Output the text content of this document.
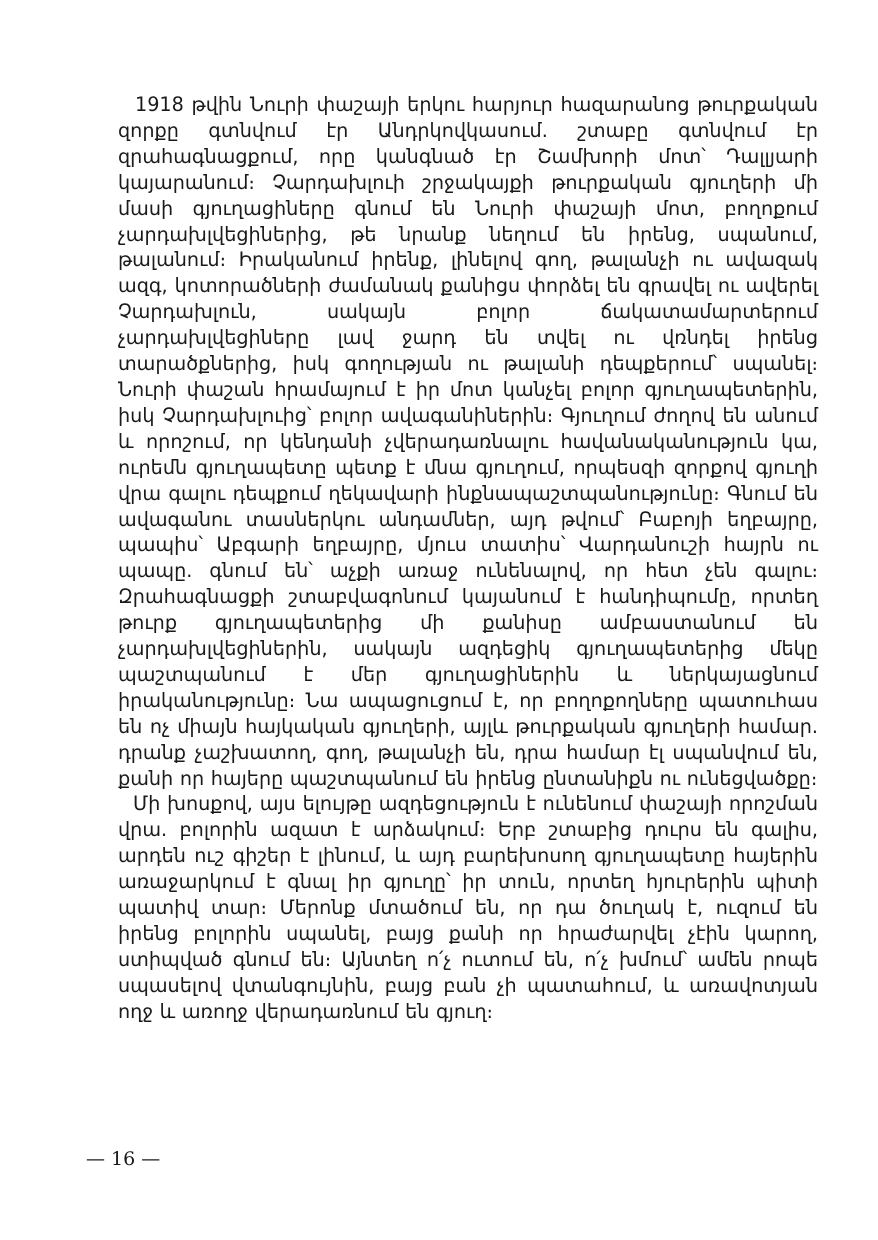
1918 թվին Նուրի փաշայի երկու հարյուր հազարանոց թուրքական զորքը գտնվում էր Անդրկովկասում. շտաբը գտնվում էր զրահագնացքում, որը կանգնած էր Շամխորի մոտ՝ Դալլյարի կայարանում։ Չարդախլուի շրջակայքի թուրքական գյուղերի մի մասի գյուղացիները գնում են Նուրի փաշայի մոտ, բողոքում չարդախլվեցիներից, թե նրանք նեղում են իրենց, սպանում, թալանում։ Իրականում իրենք, լինելով գող, թալանչի ու ավազակ ազգ, կոտորածների ժամանակ քանիցս փորձել են գրավել ու ավերել Չարդախլուն, սակայն բոլոր ճակատամարտերում չարդախլվեցիները լավ ջարդ են տվել ու վռնդել իրենց տարածքներից, իսկ գողության ու թալանի դեպքերում՝ սպանել։ Նուրի փաշան հրամայում է իր մոտ կանչել բոլոր գյուղապետերին, իսկ Չարդախլուից՝ բոլոր ավագանիներին։ Գյուղում ժողով են անում և որոշում, որ կենդանի չվերադառնալու հավանականություն կա, ուրեմն գյուղապետը պետք է մնա գյուղում, որպեսզի զորքով գյուղի վրա գալու դեպքում ղեկավարի ինքնապաշտպանությունը։ Գնում են ավագանու տասներկու անդամներ, այդ թվում՝ Բաբոյի եղբայրը, պապիս՝ Աբգարի եղբայրը, մյուս տատիս՝ Վարդանուշի հայրն ու պապը. գնում են՝ աչքի առաջ ունենալով, որ հետ չեն գալու։ Զրահագնացքի շտաբվագոնում կայանում է հանդիպումը, որտեղ թուրք գյուղապետերից մի քանիսը ամբաստանում են չարդախլվեցիներին, սակայն ազդեցիկ գյուղապետերից մեկը պաշտպանում է մեր գյուղացիներին և ներկայացնում իրականությունը։ Նա ապացուցում է, որ բողոքողները պատուհաս են ոչ միայն հայկական գյուղերի, այլև թուրքական գյուղերի համար. դրանք չաշխատող, գող, թալանչի են, դրա համար էլ սպանվում են, քանի որ հայերը պաշտպանում են իրենց ընտանիքն ու ունեցվածքը։

Մի խոսքով, այս ելույթը ազդեցություն է ունենում փաշայի որոշման վրա. բոլորին ազատ է արձակում։ Երբ շտաբից դուրս են գալիս, արդեն ուշ գիշեր է լինում, և այդ բարեխոսող գյուղապետը հայերին առաջարկում է գնալ իր գյուղը՝ իր տուն, որտեղ հյուրերին պիտի պատիվ տար։ Մերոնք մտածում են, որ դա ծուղակ է, ուզում են իրենց բոլորին սպանել, բայց քանի որ հրաժարվել չէին կարող, ստիպված գնում են։ Այնտեղ ո՛չ ուտում են, ո՛չ խմում՝ ամեն րոպե սպասելով վտանգույնին, բայց բան չի պատահում, և առավոտյան ողջ և առողջ վերադառնում են գյուղ։

— 16 —
